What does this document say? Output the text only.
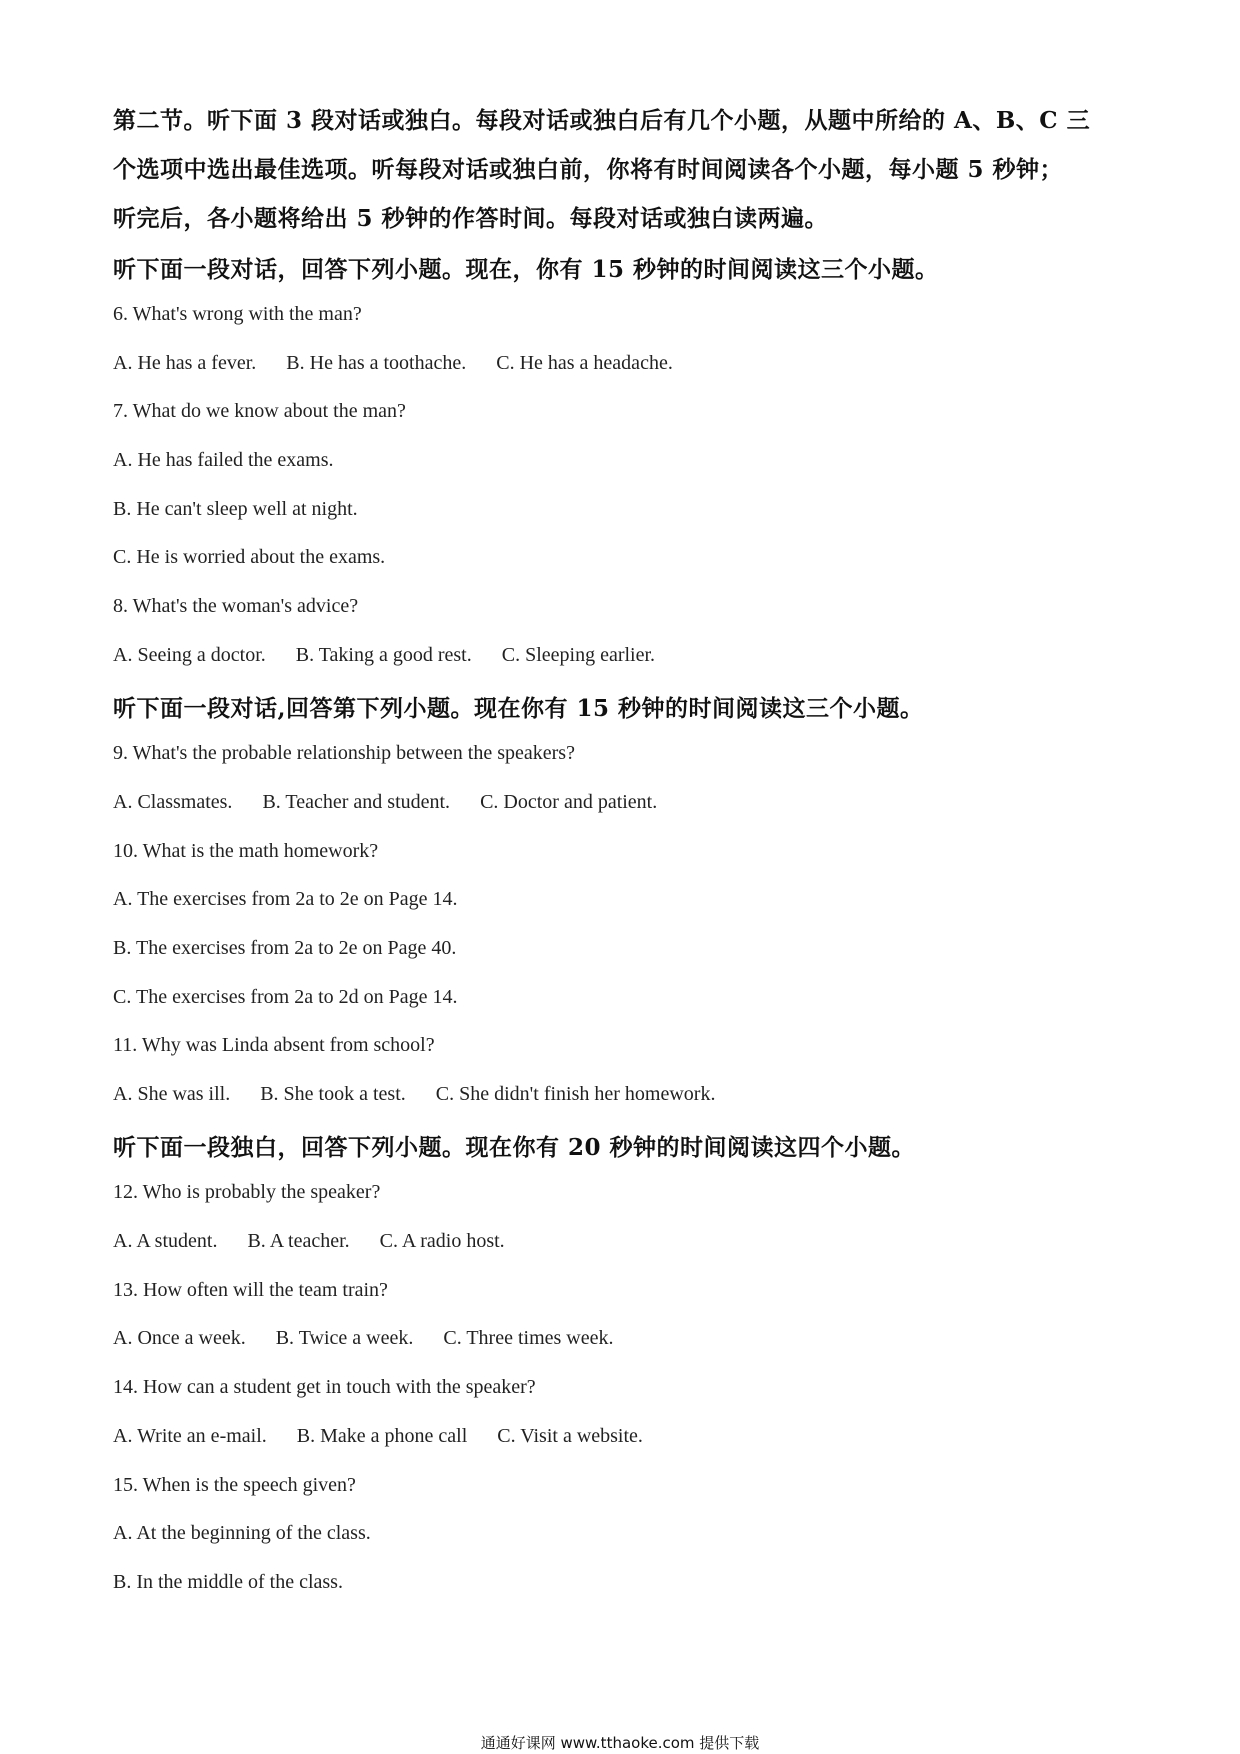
第二节。听下面 3 段对话或独白。每段对话或独白后有几个小题，从题中所给的 A、B、C 三
个选项中选出最佳选项。听每段对话或独白前，你将有时间阅读各个小题，每小题 5 秒钟；
听完后，各小题将给出 5 秒钟的作答时间。每段对话或独白读两遍。
听下面一段对话，回答下列小题。现在，你有 15 秒钟的时间阅读这三个小题。
6. What's wrong with the man?
A. He has a fever. B. He has a toothache. C. He has a headache.
7. What do we know about the man?
A. He has failed the exams.
B. He can't sleep well at night.
C. He is worried about the exams.
8. What's the woman's advice?
A. Seeing a doctor. B. Taking a good rest. C. Sleeping earlier.
听下面一段对话,回答第下列小题。现在你有 15 秒钟的时间阅读这三个小题。
9. What's the probable relationship between the speakers?
A. Classmates. B. Teacher and student. C. Doctor and patient.
10. What is the math homework?
A. The exercises from 2a to 2e on Page 14.
B. The exercises from 2a to 2e on Page 40.
C. The exercises from 2a to 2d on Page 14.
11. Why was Linda absent from school?
A. She was ill. B. She took a test. C. She didn't finish her homework.
听下面一段独白，回答下列小题。现在你有 20 秒钟的时间阅读这四个小题。
12. Who is probably the speaker?
A. A student. B. A teacher. C. A radio host.
13. How often will the team train?
A. Once a week. B. Twice a week. C. Three times week.
14. How can a student get in touch with the speaker?
A. Write an e-mail. B. Make a phone call C. Visit a website.
15. When is the speech given?
A. At the beginning of the class.
B. In the middle of the class.
通通好课网 www.tthaoke.com 提供下载
